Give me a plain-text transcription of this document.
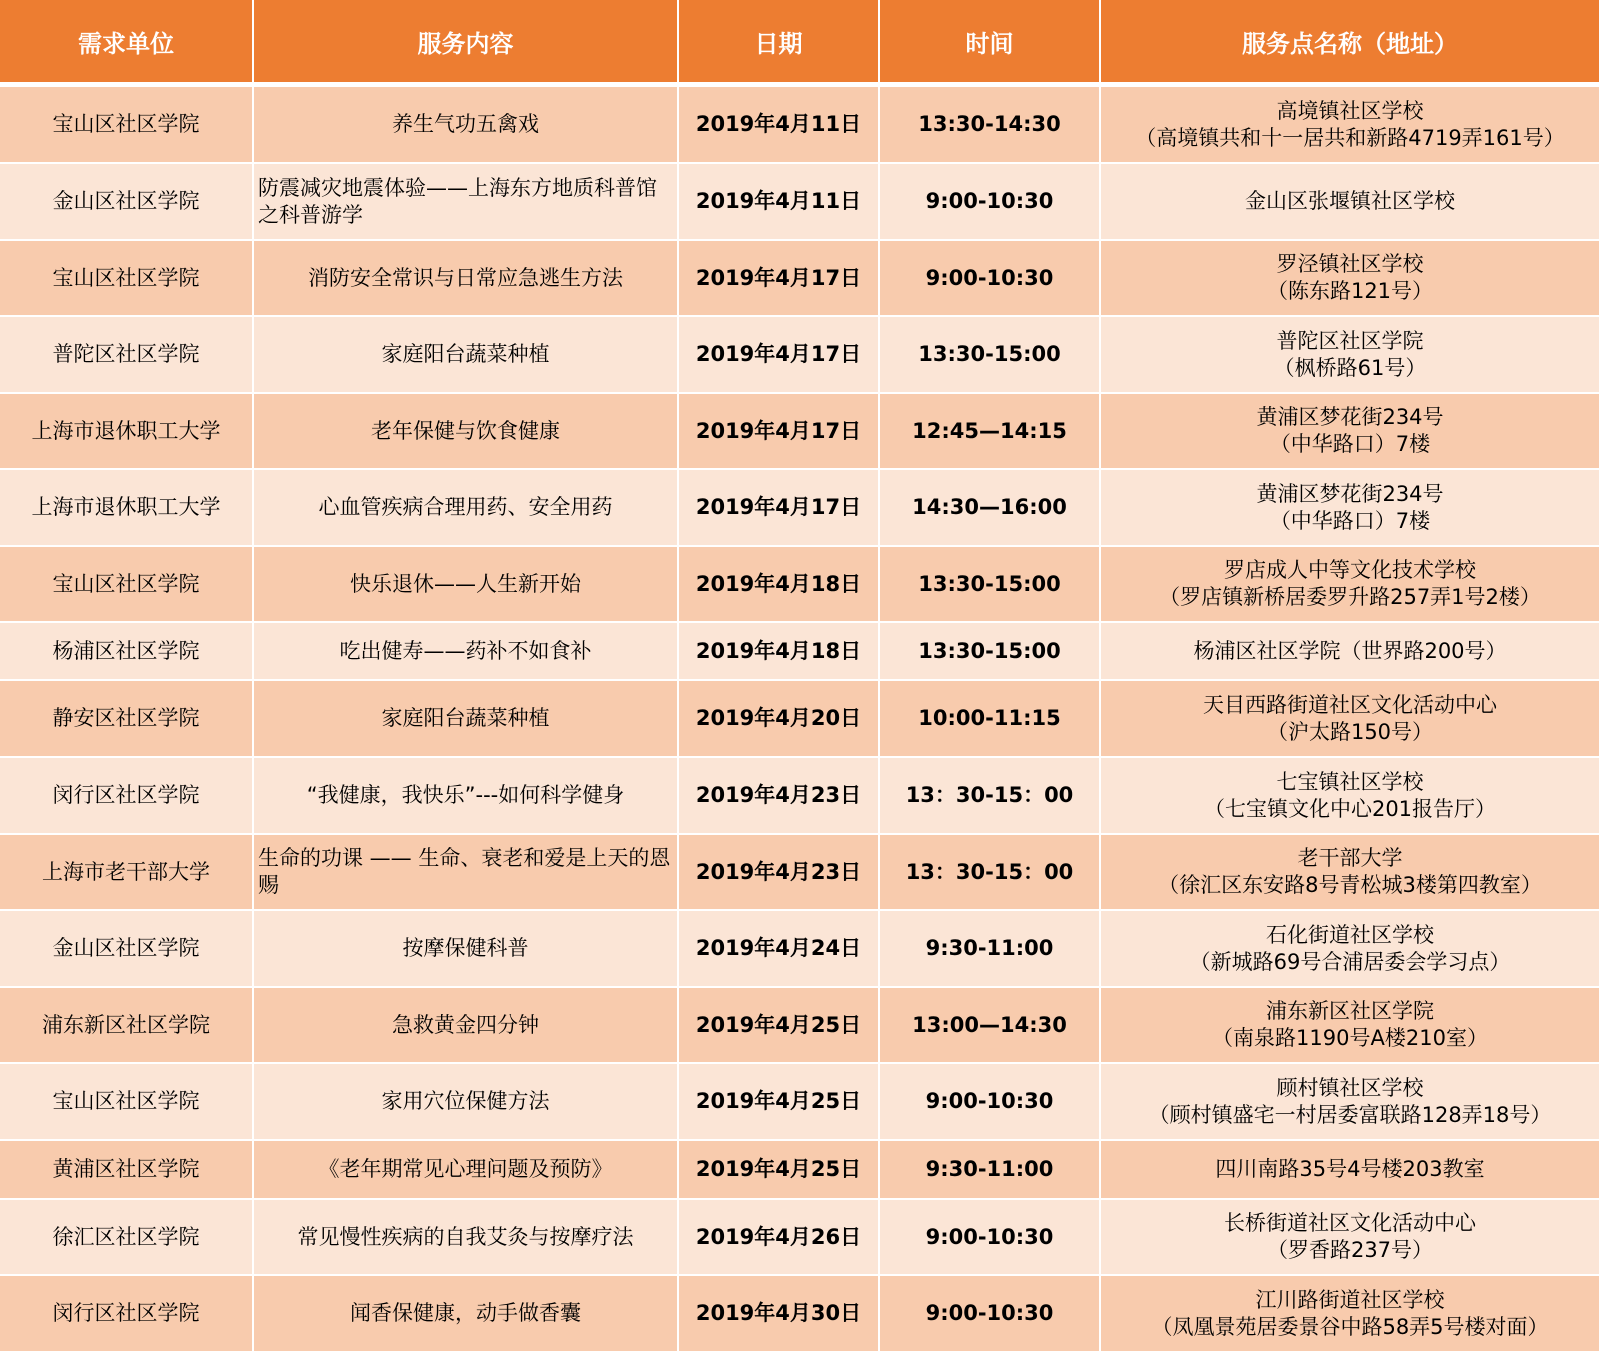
需求单位	服务内容	日期	时间	服务点名称（地址）
宝山区社区学院	养生气功五禽戏	2019年4月11日	13:30-14:30	高境镇社区学校
（高境镇共和十一居共和新路4719弄161号）

金山区社区学院	防震减灾地震体验——上海东方地质科普馆之科普游学	2019年4月11日	9:00-10:30	金山区张堰镇社区学校

宝山区社区学院	消防安全常识与日常应急逃生方法	2019年4月17日	9:00-10:30	罗泾镇社区学校
（陈东路121号）

普陀区社区学院	家庭阳台蔬菜种植	2019年4月17日	13:30-15:00	普陀区社区学院
（枫桥路61号）

上海市退休职工大学	老年保健与饮食健康	2019年4月17日	12:45—14:15	黄浦区梦花街234号
（中华路口）7楼

上海市退休职工大学	心血管疾病合理用药、安全用药	2019年4月17日	14:30—16:00	黄浦区梦花街234号
（中华路口）7楼

宝山区社区学院	快乐退休——人生新开始	2019年4月18日	13:30-15:00	罗店成人中等文化技术学校
（罗店镇新桥居委罗升路257弄1号2楼）

杨浦区社区学院	吃出健寿——药补不如食补	2019年4月18日	13:30-15:00	杨浦区社区学院（世界路200号）

静安区社区学院	家庭阳台蔬菜种植	2019年4月20日	10:00-11:15	天目西路街道社区文化活动中心
（沪太路150号）

闵行区社区学院	“我健康，我快乐”---如何科学健身	2019年4月23日	13：30-15：00	七宝镇社区学校
（七宝镇文化中心201报告厅）

上海市老干部大学	生命的功课 —— 生命、衰老和爱是上天的恩赐	2019年4月23日	13：30-15：00	老干部大学
（徐汇区东安路8号青松城3楼第四教室）

金山区社区学院	按摩保健科普	2019年4月24日	9:30-11:00	石化街道社区学校
（新城路69号合浦居委会学习点）

浦东新区社区学院	急救黄金四分钟	2019年4月25日	13:00—14:30	浦东新区社区学院
（南泉路1190号A楼210室）

宝山区社区学院	家用穴位保健方法	2019年4月25日	9:00-10:30	顾村镇社区学校
（顾村镇盛宅一村居委富联路128弄18号）

黄浦区社区学院	《老年期常见心理问题及预防》	2019年4月25日	9:30-11:00	四川南路35号4号楼203教室

徐汇区社区学院	常见慢性疾病的自我艾灸与按摩疗法	2019年4月26日	9:00-10:30	长桥街道社区文化活动中心
（罗香路237号）

闵行区社区学院	闻香保健康，动手做香囊	2019年4月30日	9:00-10:30	江川路街道社区学校
（凤凰景苑居委景谷中路58弄5号楼对面）
